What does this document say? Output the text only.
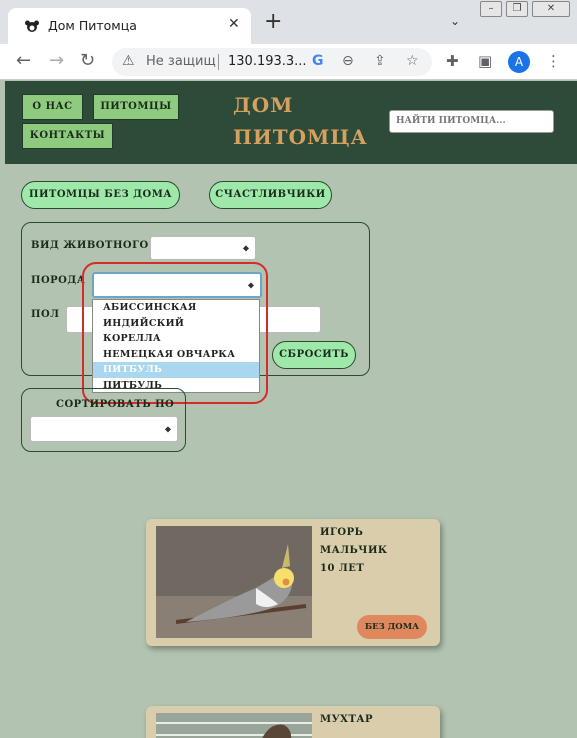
Дом Питомца	✕ +	⌄
–	❐	✕
← → ↻ ⚠ Не защищ 130.193.3... G ⊖ ⇪ ☆ ✚ ▣	A	⋮
О НАС	ПИТОМЦЫ
КОНТАКТЫ
ДОМ
ПИТОМЦА
НАЙТИ ПИТОМЦА...
ПИТОМЦЫ БЕЗ ДОМА	СЧАСТЛИВЧИКИ
ВИД ЖИВОТНОГО	◆
ПОРОДА	◆
ПОЛ
СБРОСИТЬ
АБИССИНСКАЯ
ИНДИЙСКИЙ
КОРЕЛЛА
НЕМЕЦКАЯ ОВЧАРКА
ПИТБУЛЬ
ПИТБУЛЬ
СОРТИРОВАТЬ ПО
◆
ИГОРЬ
МАЛЬЧИК
10 ЛЕТ
БЕЗ ДОМА
МУХТАР
